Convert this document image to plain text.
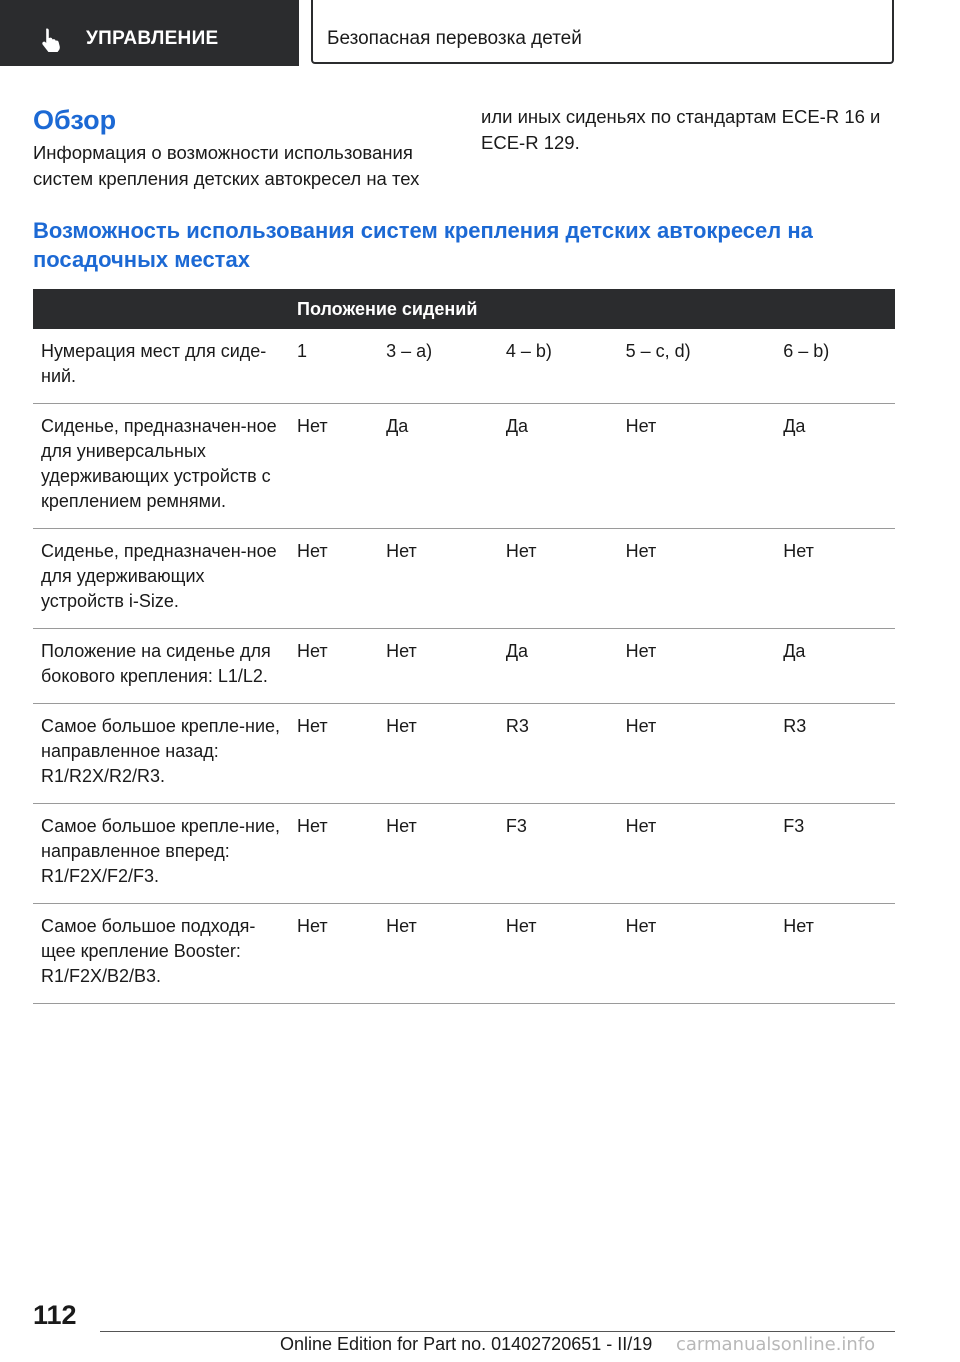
УПРАВЛЕНИЕ	Безопасная перевозка детей
Обзор

Информация о возможности использования систем крепления детских автокресел на тех

или иных сиденьях по стандартам ECE-R 16 и ECE-R 129.

Возможность использования систем крепления детских автокресел на посадочных местах
	Положение сидений				
Нумерация мест для сиде-ний.	1	3 – a)	4 – b)	5 – c, d)	6 – b)
Сиденье, предназначен-ное для универсальных удерживающих устройств с креплением ремнями.	Нет	Да	Да	Нет	Да
Сиденье, предназначен-ное для удерживающих устройств i-Size.	Нет	Нет	Нет	Нет	Нет
Положение на сиденье для бокового крепления: L1/L2.	Нет	Нет	Да	Нет	Да
Самое большое крепле-ние, направленное назад: R1/R2X/R2/R3.	Нет	Нет	R3	Нет	R3
Самое большое крепле-ние, направленное вперед: R1/F2X/F2/F3.	Нет	Нет	F3	Нет	F3
Самое большое подходя-щее крепление Booster: R1/F2X/B2/B3.	Нет	Нет	Нет	Нет	Нет
112
Online Edition for Part no. 01402720651 - II/19 carmanualsonline.info
